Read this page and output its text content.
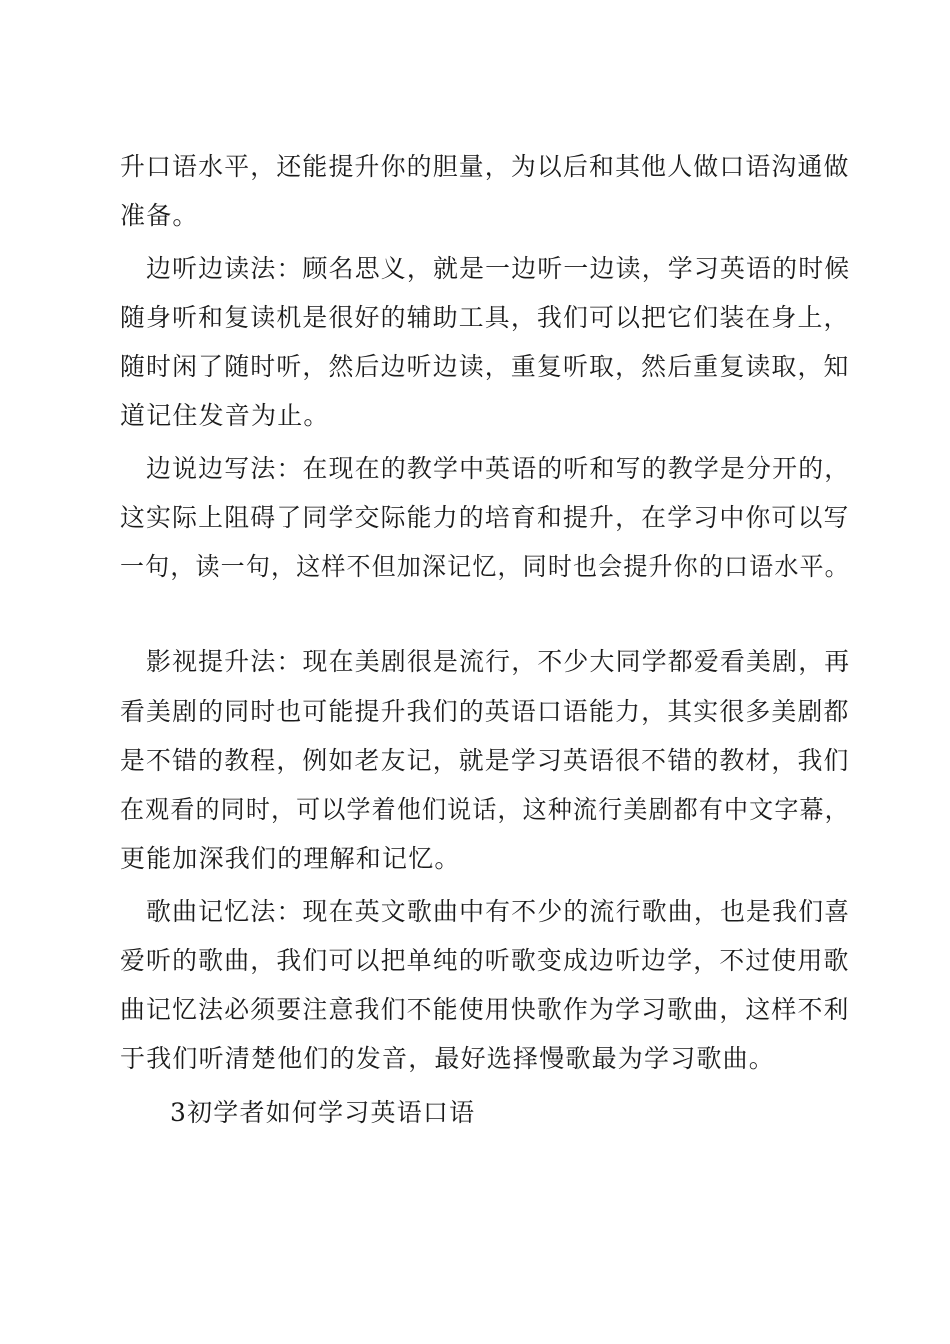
升口语水平，还能提升你的胆量，为以后和其他人做口语沟通做
准备。
边听边读法：顾名思义，就是一边听一边读，学习英语的时候
随身听和复读机是很好的辅助工具，我们可以把它们装在身上，
随时闲了随时听，然后边听边读，重复听取，然后重复读取，知
道记住发音为止。
边说边写法：在现在的教学中英语的听和写的教学是分开的，
这实际上阻碍了同学交际能力的培育和提升，在学习中你可以写
一句，读一句，这样不但加深记忆，同时也会提升你的口语水平。
影视提升法：现在美剧很是流行，不少大同学都爱看美剧，再
看美剧的同时也可能提升我们的英语口语能力，其实很多美剧都
是不错的教程，例如老友记，就是学习英语很不错的教材，我们
在观看的同时，可以学着他们说话，这种流行美剧都有中文字幕，
更能加深我们的理解和记忆。
歌曲记忆法：现在英文歌曲中有不少的流行歌曲，也是我们喜
爱听的歌曲，我们可以把单纯的听歌变成边听边学，不过使用歌
曲记忆法必须要注意我们不能使用快歌作为学习歌曲，这样不利
于我们听清楚他们的发音，最好选择慢歌最为学习歌曲。
3初学者如何学习英语口语
